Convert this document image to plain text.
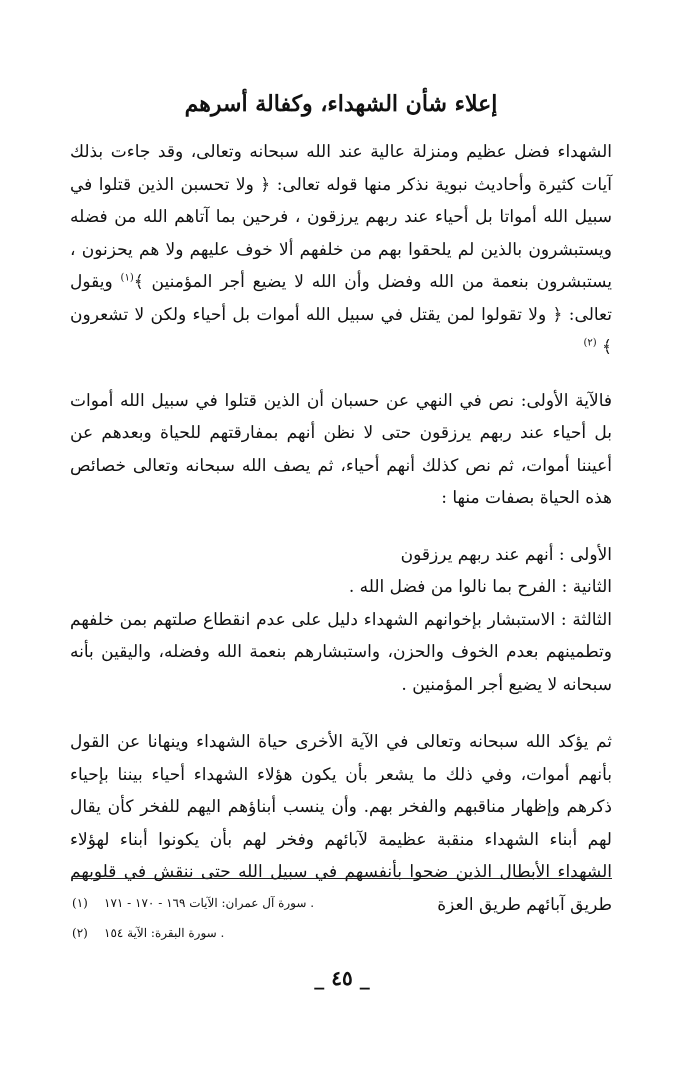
إعلاء شأن الشهداء، وكفالة أسرهم

الشهداء فضل عظيم ومنزلة عالية عند الله سبحانه وتعالى، وقد جاءت بذلك آيات كثيرة وأحاديث نبوية نذكر منها قوله تعالى: ﴿ ولا تحسبن الذين قتلوا في سبيل الله أمواتا بل أحياء عند ربهم يرزقون ، فرحين بما آتاهم الله من فضله ويستبشرون بالذين لم يلحقوا بهم من خلفهم ألا خوف عليهم ولا هم يحزنون ، يستبشرون بنعمة من الله وفضل وأن الله لا يضيع أجر المؤمنين ﴾$^{(١)}$ ويقول تعالى: ﴿ ولا تقولوا لمن يقتل في سبيل الله أموات بل أحياء ولكن لا تشعرون ﴾ $^{(٢)}$

فالآية الأولى: نص في النهي عن حسبان أن الذين قتلوا في سبيل الله أموات بل أحياء عند ربهم يرزقون حتى لا نظن أنهم بمفارقتهم للحياة وبعدهم عن أعيننا أموات، ثم نص كذلك أنهم أحياء، ثم يصف الله سبحانه وتعالى خصائص هذه الحياة بصفات منها :

الأولى : أنهم عند ربهم يرزقون

الثانية : الفرح بما نالوا من فضل الله .

الثالثة : الاستبشار بإخوانهم الشهداء دليل على عدم انقطاع صلتهم بمن خلفهم وتطمينهم بعدم الخوف والحزن، واستبشارهم بنعمة الله وفضله، واليقين بأنه سبحانه لا يضيع أجر المؤمنين .

ثم يؤكد الله سبحانه وتعالى في الآية الأخرى حياة الشهداء وينهانا عن القول بأنهم أموات، وفي ذلك ما يشعر بأن يكون هؤلاء الشهداء أحياء بيننا بإحياء ذكرهم وإظهار مناقبهم والفخر بهم. وأن ينسب أبناؤهم اليهم للفخر كأن يقال لهم أبناء الشهداء منقبة عظيمة لآبائهم وفخر لهم بأن يكونوا أبناء لهؤلاء الشهداء الأبطال الذين ضحوا بأنفسهم في سبيل الله حتى ننقش في قلوبهم طريق آبائهم طريق العزة

(١)	سورة آل عمران: الآيات ١٦٩ - ١٧٠ - ١٧١ .
(٢)	سورة البقرة: الآية ١٥٤ .
_ ٤٥ _
